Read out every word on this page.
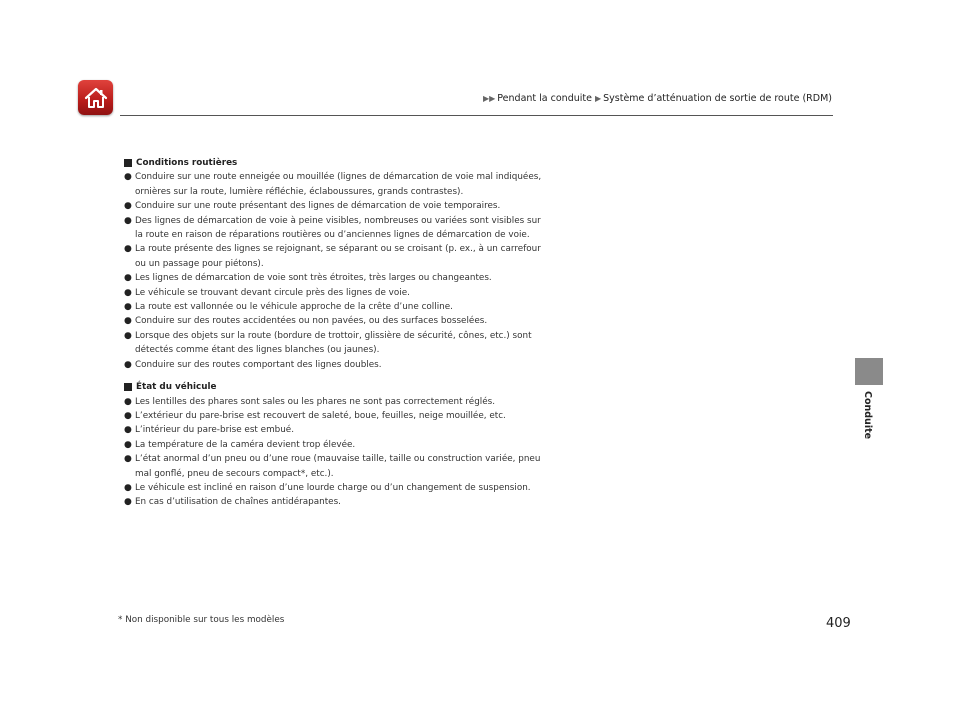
▶▶ Pendant la conduite ▶ Système d’atténuation de sortie de route (RDM)
Conduite
Conditions routières
● Conduire sur une route enneigée ou mouillée (lignes de démarcation de voie mal indiquées,
ornières sur la route, lumière réfléchie, éclaboussures, grands contrastes).
● Conduire sur une route présentant des lignes de démarcation de voie temporaires.
● Des lignes de démarcation de voie à peine visibles, nombreuses ou variées sont visibles sur
la route en raison de réparations routières ou d’anciennes lignes de démarcation de voie.
● La route présente des lignes se rejoignant, se séparant ou se croisant (p. ex., à un carrefour
ou un passage pour piétons).
● Les lignes de démarcation de voie sont très étroites, très larges ou changeantes.
● Le véhicule se trouvant devant circule près des lignes de voie.
● La route est vallonnée ou le véhicule approche de la crête d’une colline.
● Conduire sur des routes accidentées ou non pavées, ou des surfaces bosselées.
● Lorsque des objets sur la route (bordure de trottoir, glissière de sécurité, cônes, etc.) sont
détectés comme étant des lignes blanches (ou jaunes).
● Conduire sur des routes comportant des lignes doubles.
État du véhicule
● Les lentilles des phares sont sales ou les phares ne sont pas correctement réglés.
● L’extérieur du pare-brise est recouvert de saleté, boue, feuilles, neige mouillée, etc.
● L’intérieur du pare-brise est embué.
● La température de la caméra devient trop élevée.
● L’état anormal d’un pneu ou d’une roue (mauvaise taille, taille ou construction variée, pneu
mal gonflé, pneu de secours compact*, etc.).
● Le véhicule est incliné en raison d’une lourde charge ou d’un changement de suspension.
● En cas d’utilisation de chaînes antidérapantes.
* Non disponible sur tous les modèles	409
